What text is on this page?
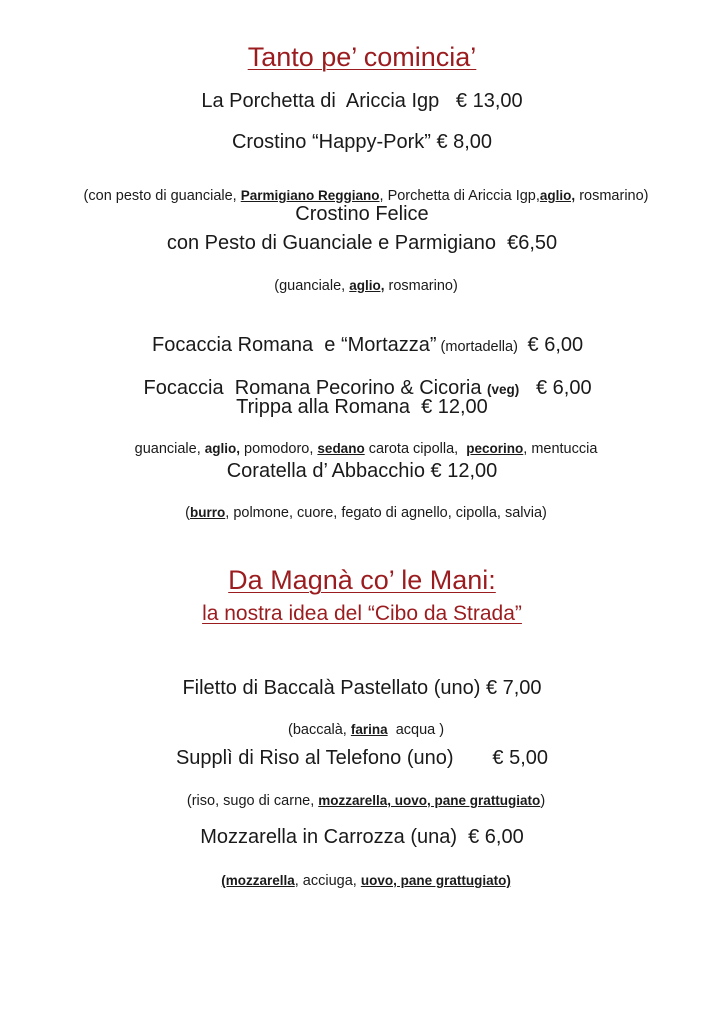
Tanto pe’ comincia’
La Porchetta di  Ariccia Igp   € 13,00
Crostino “Happy-Pork” € 8,00

(con pesto di guanciale, Parmigiano Reggiano, Porchetta di Ariccia Igp,aglio, rosmarino)

Crostino Felice
con Pesto di Guanciale e Parmigiano  €6,50

(guanciale, aglio, rosmarino)

Focaccia Romana  e “Mortazza” (mortadella)  € 6,00

Focaccia  Romana Pecorino & Cicoria (veg)   € 6,00

Trippa alla Romana  € 12,00

guanciale, aglio, pomodoro, sedano carota cipolla,  pecorino, mentuccia

Coratella d’ Abbacchio € 12,00

(burro, polmone, cuore, fegato di agnello, cipolla, salvia)

Da Magnà co’ le Mani:
la nostra idea del “Cibo da Strada”
Filetto di Baccalà Pastellato (uno) € 7,00

(baccalà, farina  acqua )

Supplì di Riso al Telefono (uno)       € 5,00

(riso, sugo di carne, mozzarella, uovo, pane grattugiato)

Mozzarella in Carrozza (una)  € 6,00

(mozzarella, acciuga, uovo, pane grattugiato)
